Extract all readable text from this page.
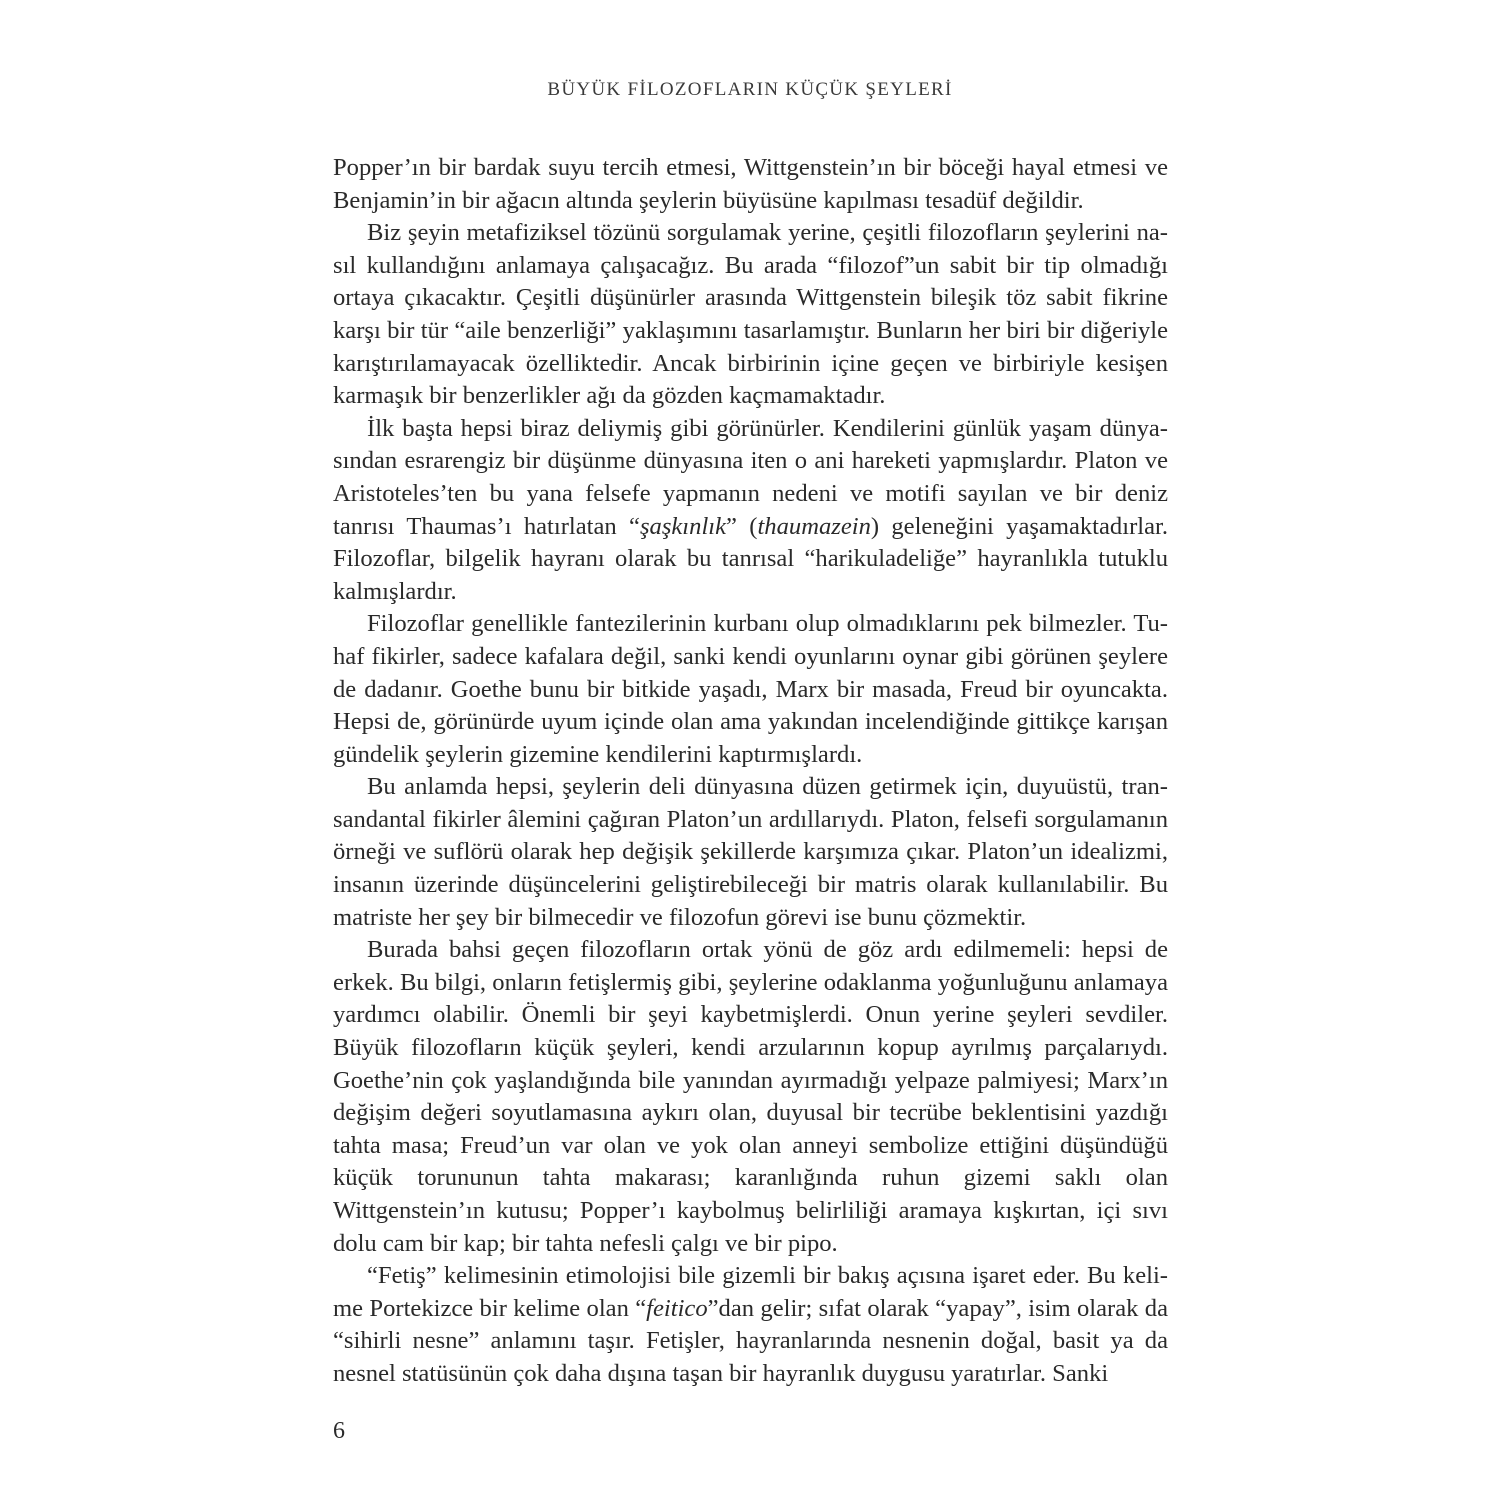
BÜYÜK FİLOZOFLARIN KÜÇÜK ŞEYLERİ

Popper’ın bir bardak suyu tercih etmesi, Wittgenstein’ın bir böceği hayal etmesi ve Benjamin’in bir ağacın altında şeylerin büyüsüne kapılması tesadüf değildir.

Biz şeyin metafiziksel tözünü sorgulamak yerine, çeşitli filozofların şeylerini nasıl kullandığını anlamaya çalışacağız. Bu arada “filozof”un sabit bir tip olmadığı ortaya çıkacaktır. Çeşitli düşünürler arasında Wittgenstein bileşik töz sabit fikrine karşı bir tür “aile benzerliği” yaklaşımını tasarlamıştır. Bunların her biri bir diğeriyle karıştırılamayacak özelliktedir. Ancak birbirinin içine geçen ve birbiriyle kesişen karmaşık bir benzerlikler ağı da gözden kaçmamaktadır.

İlk başta hepsi biraz deliymiş gibi görünürler. Kendilerini günlük yaşam dünyasından esrarengiz bir düşünme dünyasına iten o ani hareketi yapmışlardır. Platon ve Aristoteles’ten bu yana felsefe yapmanın nedeni ve motifi sayılan ve bir deniz tanrısı Thaumas’ı hatırlatan “şaşkınlık” (thaumazein) geleneğini yaşamaktadırlar. Filozoflar, bilgelik hayranı olarak bu tanrısal “harikuladeliğe” hayranlıkla tutuklu kalmışlardır.

Filozoflar genellikle fantezilerinin kurbanı olup olmadıklarını pek bilmezler. Tuhaf fikirler, sadece kafalara değil, sanki kendi oyunlarını oynar gibi görünen şeylere de dadanır. Goethe bunu bir bitkide yaşadı, Marx bir masada, Freud bir oyuncakta. Hepsi de, görünürde uyum içinde olan ama yakından incelendiğinde gittikçe karışan gündelik şeylerin gizemine kendilerini kaptırmışlardı.

Bu anlamda hepsi, şeylerin deli dünyasına düzen getirmek için, duyuüstü, transandantal fikirler âlemini çağıran Platon’un ardıllarıydı. Platon, felsefi sorgulamanın örneği ve suflörü olarak hep değişik şekillerde karşımıza çıkar. Platon’un idealizmi, insanın üzerinde düşüncelerini geliştirebileceği bir matris olarak kullanılabilir. Bu matriste her şey bir bilmecedir ve filozofun görevi ise bunu çözmektir.

Burada bahsi geçen filozofların ortak yönü de göz ardı edilmemeli: hepsi de erkek. Bu bilgi, onların fetişlermiş gibi, şeylerine odaklanma yoğunluğunu anlamaya yardımcı olabilir. Önemli bir şeyi kaybetmişlerdi. Onun yerine şeyleri sevdiler. Büyük filozofların küçük şeyleri, kendi arzularının kopup ayrılmış parçalarıydı. Goethe’nin çok yaşlandığında bile yanından ayırmadığı yelpaze palmiyesi; Marx’ın değişim değeri soyutlamasına aykırı olan, duyusal bir tecrübe beklentisini yazdığı tahta masa; Freud’un var olan ve yok olan anneyi sembolize ettiğini düşündüğü küçük torununun tahta makarası; karanlığında ruhun gizemi saklı olan Wittgenstein’ın kutusu; Popper’ı kaybolmuş belirliliği aramaya kışkırtan, içi sıvı dolu cam bir kap; bir tahta nefesli çalgı ve bir pipo.

“Fetiş” kelimesinin etimolojisi bile gizemli bir bakış açısına işaret eder. Bu kelime Portekizce bir kelime olan “feitico”dan gelir; sıfat olarak “yapay”, isim olarak da “sihirli nesne” anlamını taşır. Fetişler, hayranlarında nesnenin doğal, basit ya da nesnel statüsünün çok daha dışına taşan bir hayranlık duygusu yaratırlar. Sanki

6
